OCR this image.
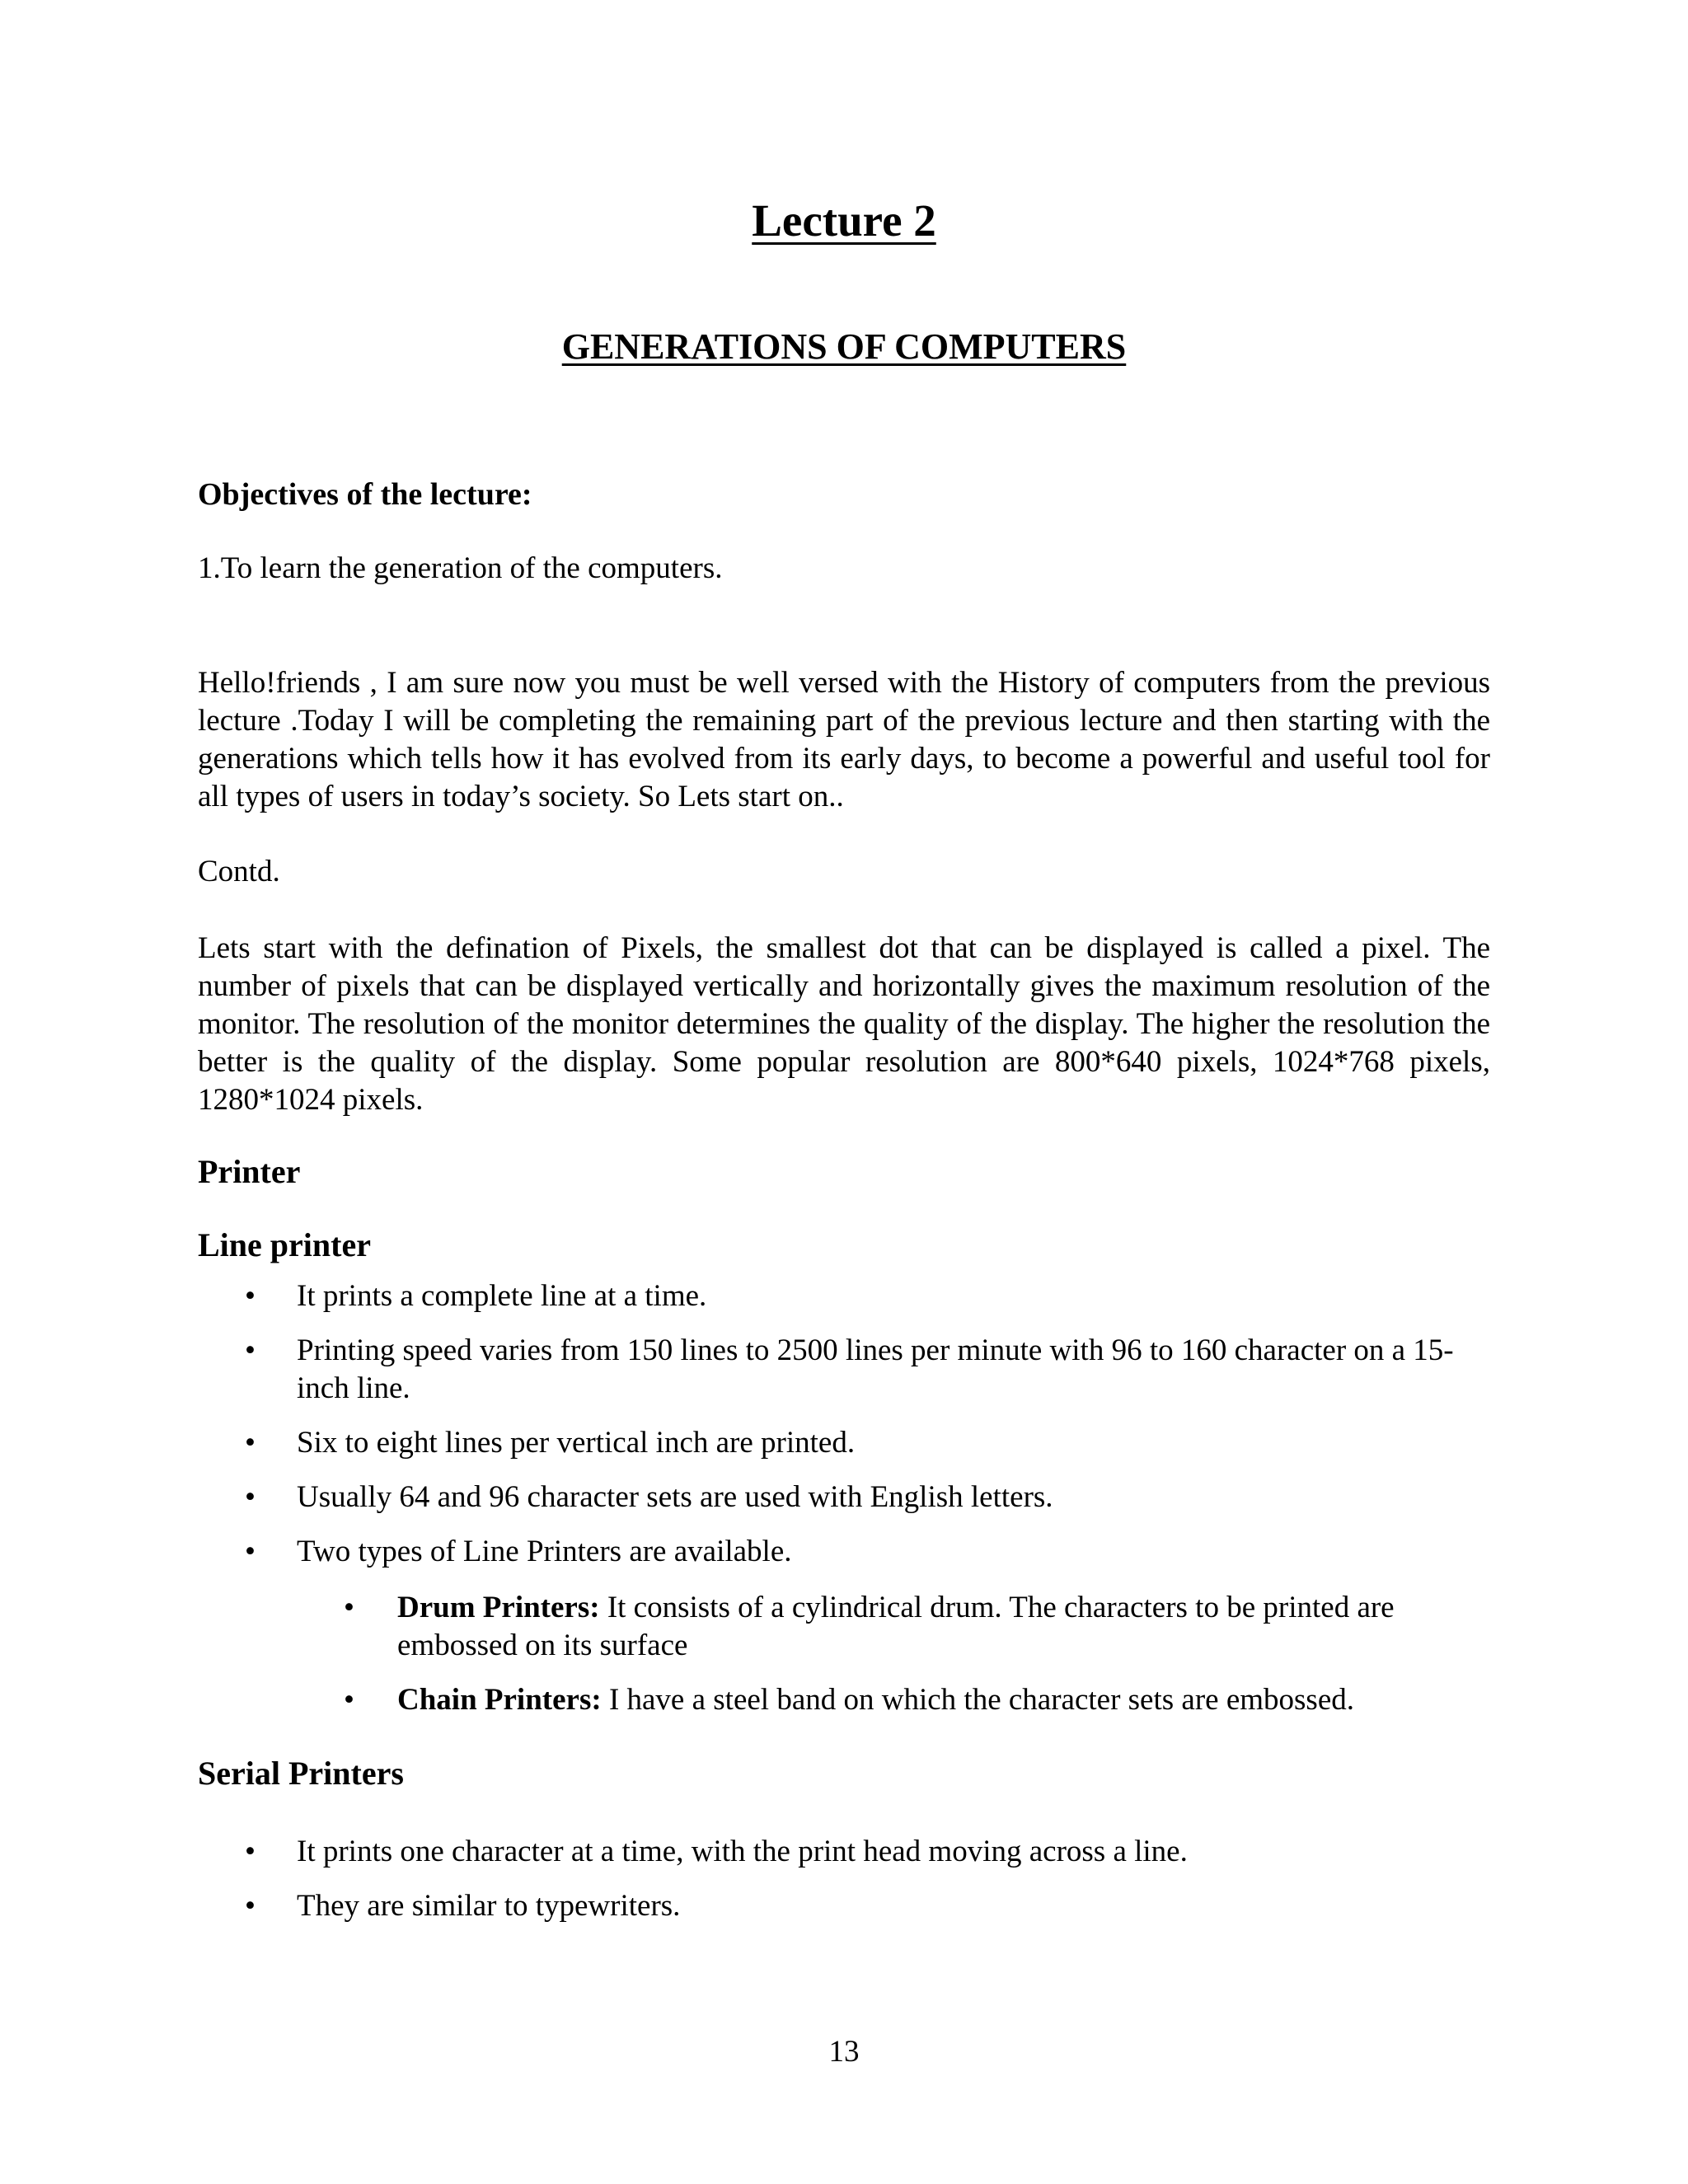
Lecture 2
GENERATIONS OF COMPUTERS

Objectives of the lecture:

1.To learn the generation of the computers.

Hello!friends , I am sure now you must be well versed with the History of computers from the previous lecture .Today I will be completing the remaining part of the previous lecture and then starting with the generations which tells how it has evolved from its early days, to become a powerful and useful tool for all types of users in today’s society. So Lets start on..

Contd.

Lets start with the defination of Pixels, the smallest dot that can be displayed is called a pixel. The number of pixels that can be displayed vertically and horizontally gives the maximum resolution of the monitor. The resolution of the monitor determines the quality of the display. The higher the resolution the better is the quality of the display. Some popular resolution are 800*640 pixels, 1024*768 pixels, 1280*1024 pixels.

Printer

Line printer

• It prints a complete line at a time.
• Printing speed varies from 150 lines to 2500 lines per minute with 96 to 160 character on a 15-inch line.
• Six to eight lines per vertical inch are printed.
• Usually 64 and 96 character sets are used with English letters.
• Two types of Line Printers are available.
• Drum Printers: It consists of a cylindrical drum. The characters to be printed are embossed on its surface
• Chain Printers: I have a steel band on which the character sets are embossed.

Serial Printers

• It prints one character at a time, with the print head moving across a line.
• They are similar to typewriters.

13
